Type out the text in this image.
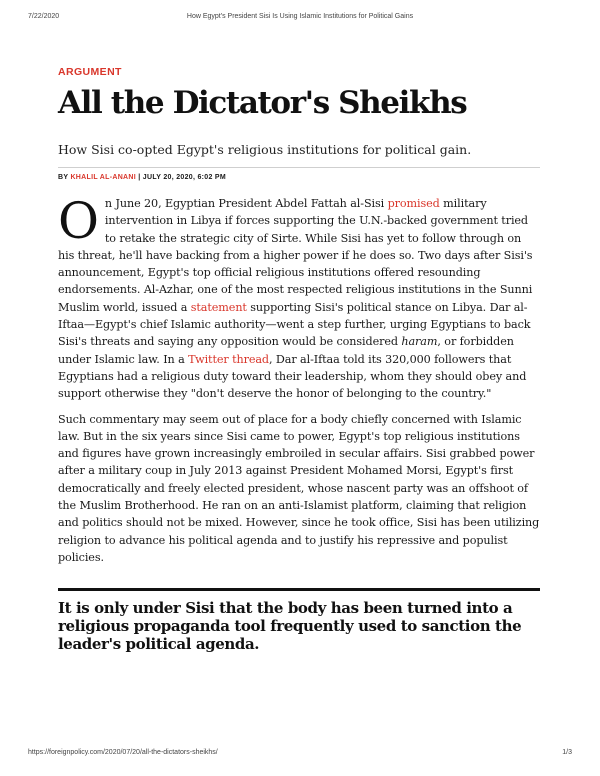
7/22/2020	How Egypt's President Sisi Is Using Islamic Institutions for Political Gains

ARGUMENT

All the Dictator's Sheikhs

How Sisi co-opted Egypt's religious institutions for political gain.

BY KHALIL AL-ANANI | JULY 20, 2020, 6:02 PM

On June 20, Egyptian President Abdel Fattah al-Sisi promised military intervention in Libya if forces supporting the U.N.-backed government tried to retake the strategic city of Sirte. While Sisi has yet to follow through on his threat, he'll have backing from a higher power if he does so. Two days after Sisi's announcement, Egypt's top official religious institutions offered resounding endorsements. Al-Azhar, one of the most respected religious institutions in the Sunni Muslim world, issued a statement supporting Sisi's political stance on Libya. Dar al-Iftaa—Egypt's chief Islamic authority—went a step further, urging Egyptians to back Sisi's threats and saying any opposition would be considered haram, or forbidden under Islamic law. In a Twitter thread, Dar al-Iftaa told its 320,000 followers that Egyptians had a religious duty toward their leadership, whom they should obey and support otherwise they "don't deserve the honor of belonging to the country."

Such commentary may seem out of place for a body chiefly concerned with Islamic law. But in the six years since Sisi came to power, Egypt's top religious institutions and figures have grown increasingly embroiled in secular affairs. Sisi grabbed power after a military coup in July 2013 against President Mohamed Morsi, Egypt's first democratically and freely elected president, whose nascent party was an offshoot of the Muslim Brotherhood. He ran on an anti-Islamist platform, claiming that religion and politics should not be mixed. However, since he took office, Sisi has been utilizing religion to advance his political agenda and to justify his repressive and populist policies.

It is only under Sisi that the body has been turned into a religious propaganda tool frequently used to sanction the leader's political agenda.
https://foreignpolicy.com/2020/07/20/all-the-dictators-sheikhs/	1/3
